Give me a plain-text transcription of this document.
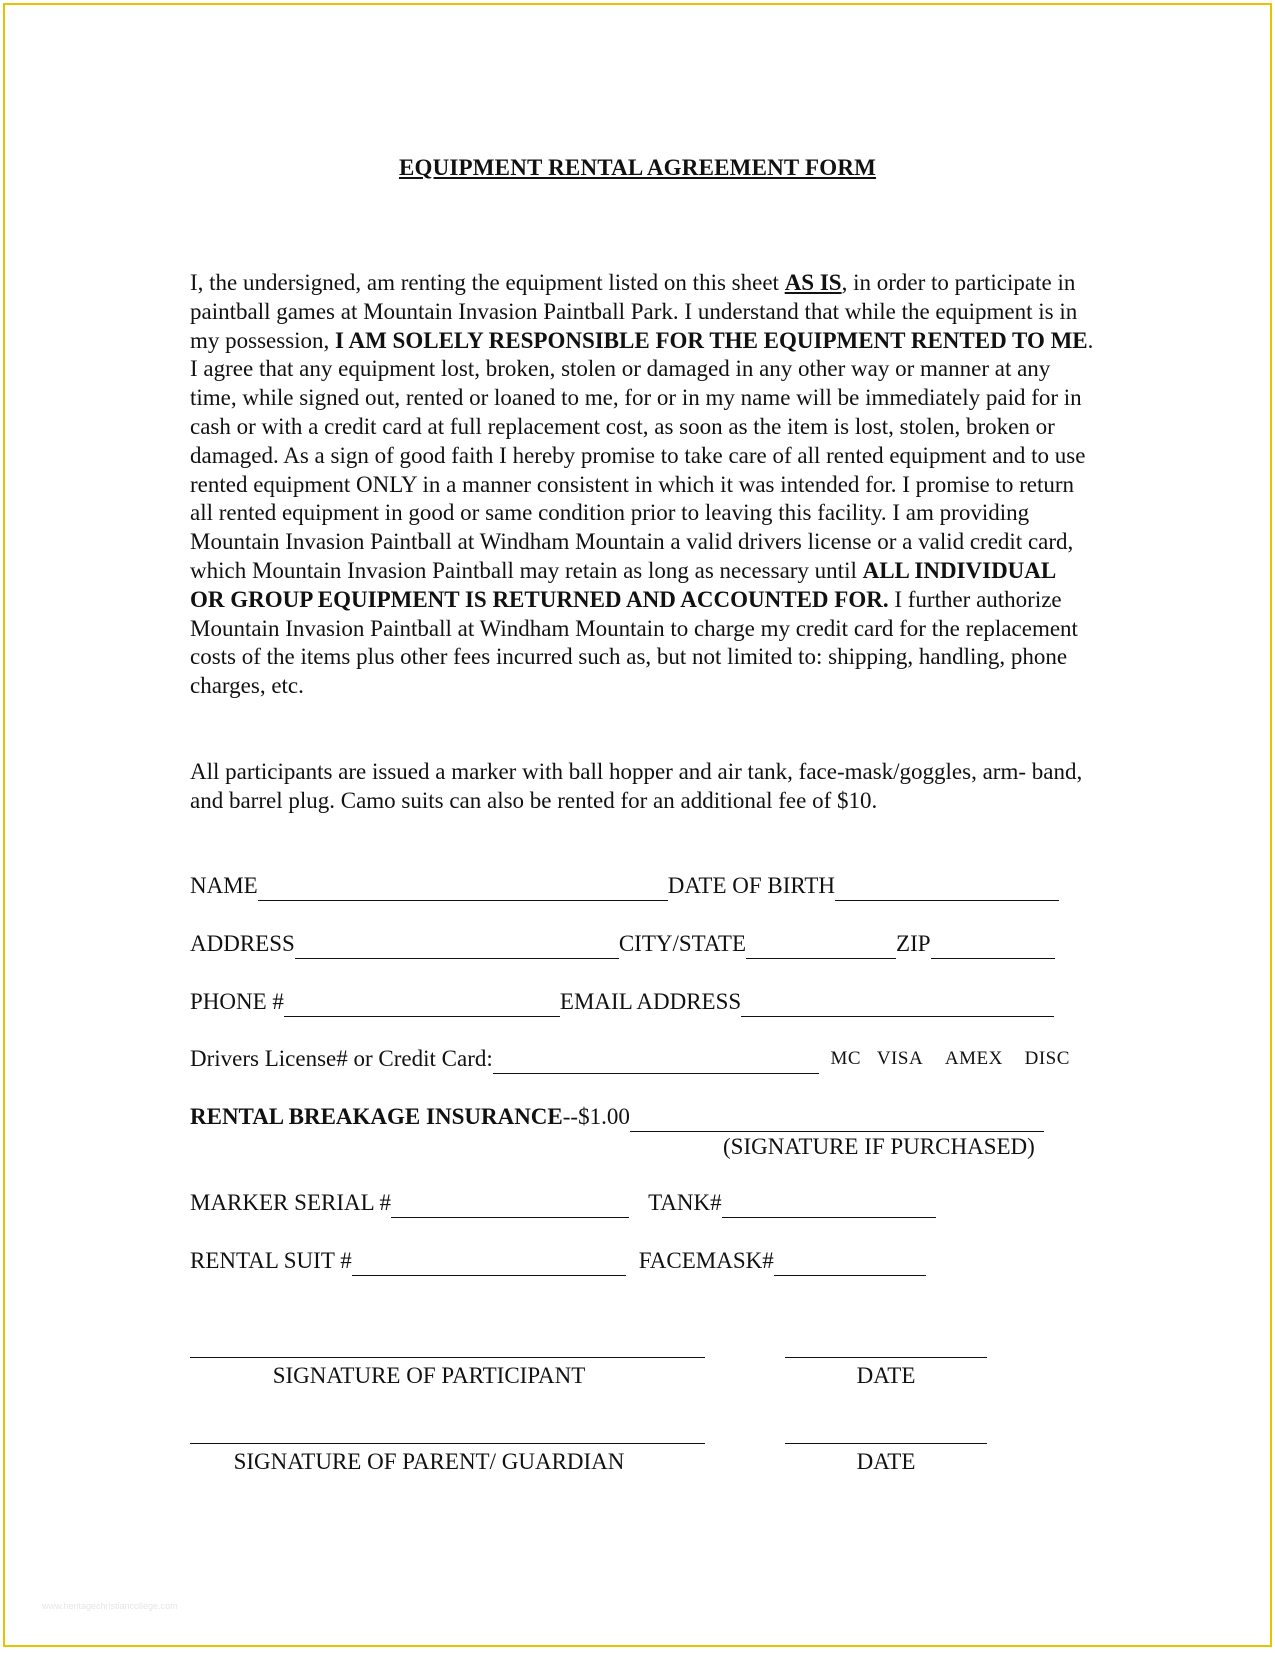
EQUIPMENT RENTAL AGREEMENT FORM

I, the undersigned, am renting the equipment listed on this sheet AS IS, in order to participate in paintball games at Mountain Invasion Paintball Park. I understand that while the equipment is in my possession, I AM SOLELY RESPONSIBLE FOR THE EQUIPMENT RENTED TO ME. I agree that any equipment lost, broken, stolen or damaged in any other way or manner at any time, while signed out, rented or loaned to me, for or in my name will be immediately paid for in cash or with a credit card at full replacement cost, as soon as the item is lost, stolen, broken or damaged. As a sign of good faith I hereby promise to take care of all rented equipment and to use rented equipment ONLY in a manner consistent in which it was intended for. I promise to return all rented equipment in good or same condition prior to leaving this facility. I am providing Mountain Invasion Paintball at Windham Mountain a valid drivers license or a valid credit card, which Mountain Invasion Paintball may retain as long as necessary until ALL INDIVIDUAL OR GROUP EQUIPMENT IS RETURNED AND ACCOUNTED FOR. I further authorize Mountain Invasion Paintball at Windham Mountain to charge my credit card for the replacement costs of the items plus other fees incurred such as, but not limited to: shipping, handling, phone charges, etc.

All participants are issued a marker with ball hopper and air tank, face-mask/goggles, arm- band, and barrel plug. Camo suits can also be rented for an additional fee of $10.

NAME	DATE OF BIRTH
ADDRESS	CITY/STATE	ZIP
PHONE #	EMAIL ADDRESS
Drivers License# or Credit Card:	MC VISA AMEX DISC
RENTAL BREAKAGE INSURANCE--$1.00
(SIGNATURE IF PURCHASED)
MARKER SERIAL #	TANK#
RENTAL SUIT #	FACEMASK#
SIGNATURE OF PARTICIPANT	DATE
SIGNATURE OF PARENT/ GUARDIAN	DATE
www.heritagechristiancollege.com
